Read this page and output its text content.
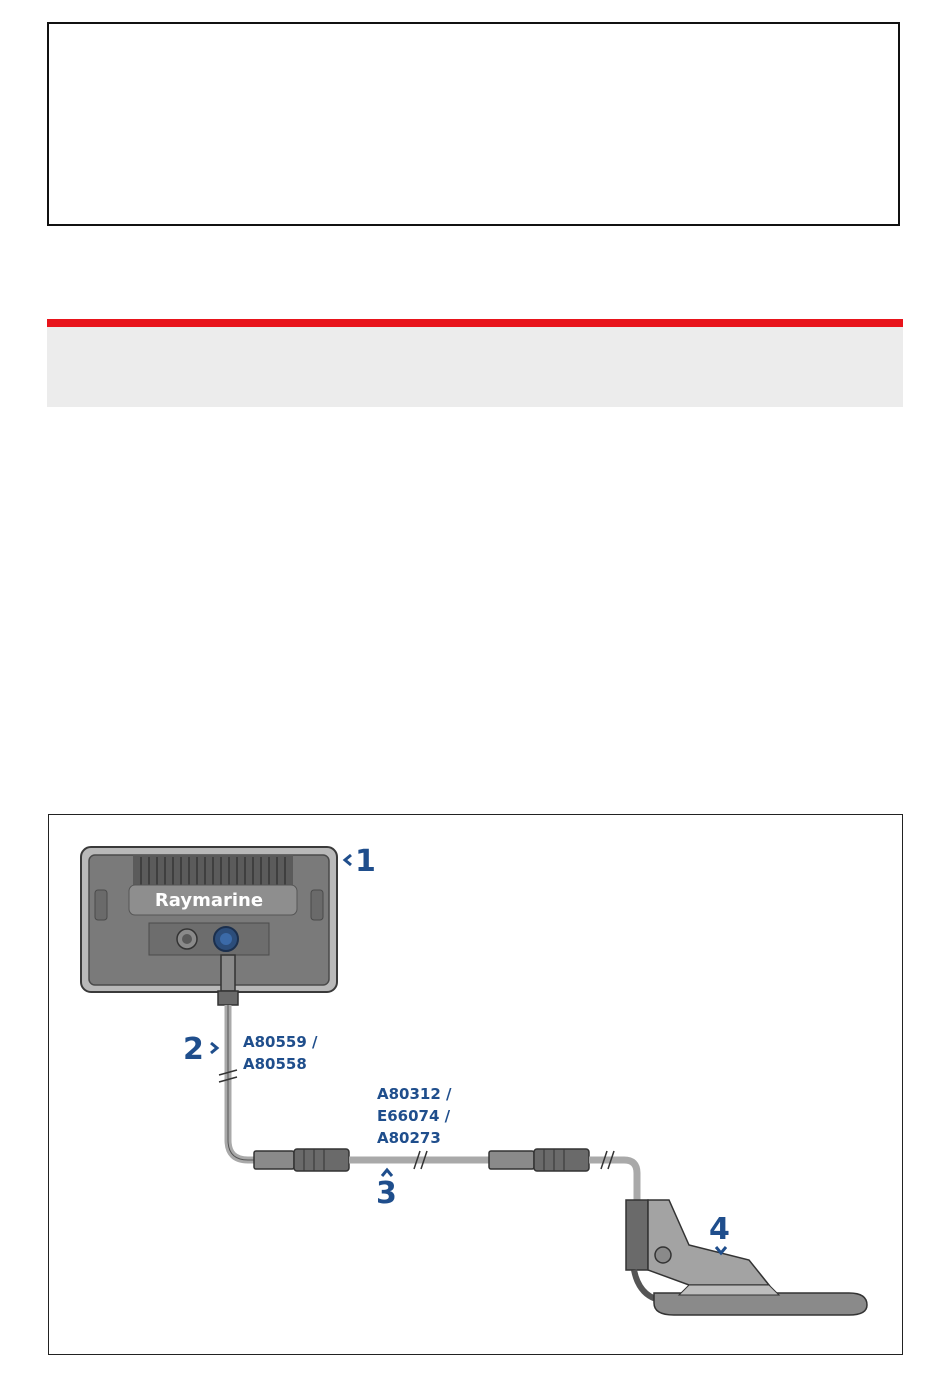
Raymarine
1
2
3
4
A80559 /
A80558
A80312 /
E66074 /
A80273
